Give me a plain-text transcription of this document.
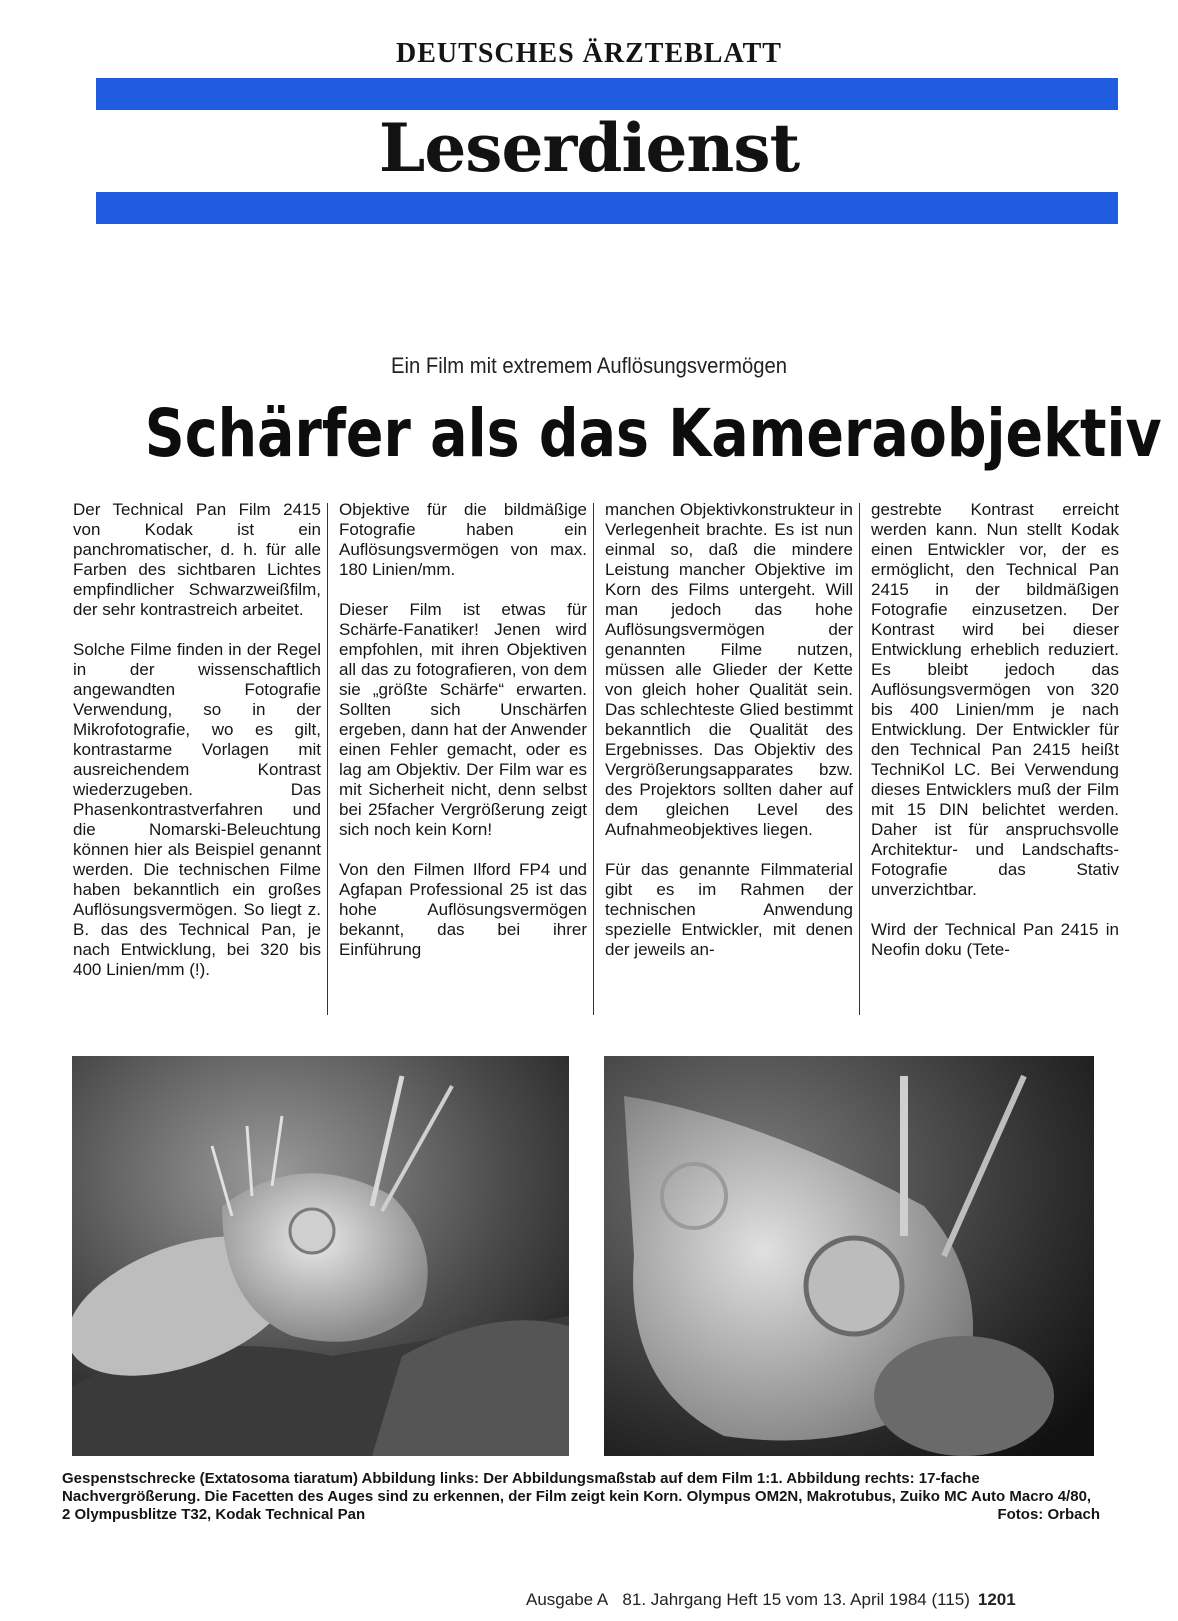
DEUTSCHES ÄRZTEBLATT
Leserdienst
Ein Film mit extremem Auflösungsvermögen
Schärfer als das Kameraobjektiv

Der Technical Pan Film 2415 von Kodak ist ein panchromatischer, d. h. für alle Farben des sichtbaren Lichtes empfindlicher Schwarzweißfilm, der sehr kontrastreich arbeitet.

Solche Filme finden in der Regel in der wissenschaftlich angewandten Fotografie Verwendung, so in der Mikrofotografie, wo es gilt, kontrastarme Vorlagen mit ausreichendem Kontrast wiederzugeben. Das Phasenkontrastverfahren und die Nomarski-Beleuchtung können hier als Beispiel genannt werden. Die technischen Filme haben bekanntlich ein großes Auflösungsvermögen. So liegt z. B. das des Technical Pan, je nach Entwicklung, bei 320 bis 400 Linien/mm (!).

Objektive für die bildmäßige Fotografie haben ein Auflösungsvermögen von max. 180 Linien/mm.

Dieser Film ist etwas für Schärfe-Fanatiker! Jenen wird empfohlen, mit ihren Objektiven all das zu fotografieren, von dem sie „größte Schärfe“ erwarten. Sollten sich Unschärfen ergeben, dann hat der Anwender einen Fehler gemacht, oder es lag am Objektiv. Der Film war es mit Sicherheit nicht, denn selbst bei 25facher Vergrößerung zeigt sich noch kein Korn!

Von den Filmen Ilford FP4 und Agfapan Professional 25 ist das hohe Auflösungsvermögen bekannt, das bei ihrer Einführung

manchen Objektivkonstrukteur in Verlegenheit brachte. Es ist nun einmal so, daß die mindere Leistung mancher Objektive im Korn des Films untergeht. Will man jedoch das hohe Auflösungsvermögen der genannten Filme nutzen, müssen alle Glieder der Kette von gleich hoher Qualität sein. Das schlechteste Glied bestimmt bekanntlich die Qualität des Ergebnisses. Das Objektiv des Vergrößerungsapparates bzw. des Projektors sollten daher auf dem gleichen Level des Aufnahmeobjektives liegen.

Für das genannte Filmmaterial gibt es im Rahmen der technischen Anwendung spezielle Entwickler, mit denen der jeweils an-

gestrebte Kontrast erreicht werden kann. Nun stellt Kodak einen Entwickler vor, der es ermöglicht, den Technical Pan 2415 in der bildmäßigen Fotografie einzusetzen. Der Kontrast wird bei dieser Entwicklung erheblich reduziert. Es bleibt jedoch das Auflösungsvermögen von 320 bis 400 Linien/mm je nach Entwicklung. Der Entwickler für den Technical Pan 2415 heißt TechniKol LC. Bei Verwendung dieses Entwicklers muß der Film mit 15 DIN belichtet werden. Daher ist für anspruchsvolle Architektur- und Landschafts-Fotografie das Stativ unverzichtbar.

Wird der Technical Pan 2415 in Neofin doku (Tete-

Gespenstschrecke (Extatosoma tiaratum) Abbildung links: Der Abbildungsmaßstab auf dem Film 1:1. Abbildung rechts: 17-fache Nachvergrößerung. Die Facetten des Auges sind zu erkennen, der Film zeigt kein Korn. Olympus OM2N, Makrotubus, Zuiko MC Auto Macro 4/80, 2 Olympusblitze T32, Kodak Technical Pan	Fotos: Orbach
Ausgabe A 81. Jahrgang Heft 15 vom 13. April 1984 (115) 1201
